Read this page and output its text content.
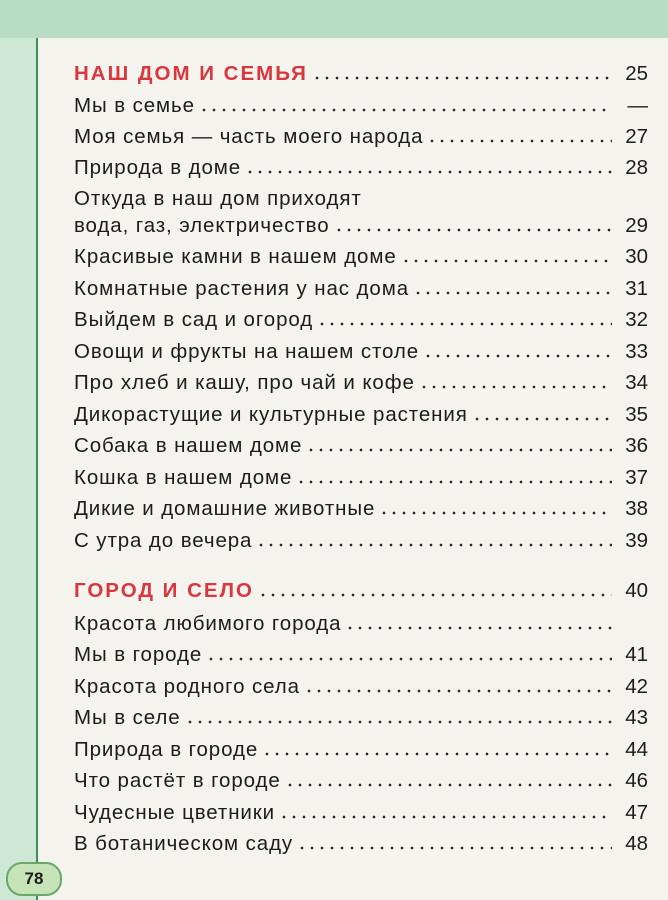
НАШ ДОМ И СЕМЬЯ	25
Мы в семье	—
Моя семья — часть моего народа	27
Природа в доме	28
Откуда в наш дом приходят
вода, газ, электричество	29
Красивые камни в нашем доме	30
Комнатные растения у нас дома	31
Выйдем в сад и огород	32
Овощи и фрукты на нашем столе	33
Про хлеб и кашу, про чай и кофе	34
Дикорастущие и культурные растения	35
Собака в нашем доме	36
Кошка в нашем доме	37
Дикие и домашние животные	38
С утра до вечера	39
ГОРОД И СЕЛО	40
Красота любимого города
Мы в городе	41
Красота родного села	42
Мы в селе	43
Природа в городе	44
Что растёт в городе	46
Чудесные цветники	47
В ботаническом саду	48
78
